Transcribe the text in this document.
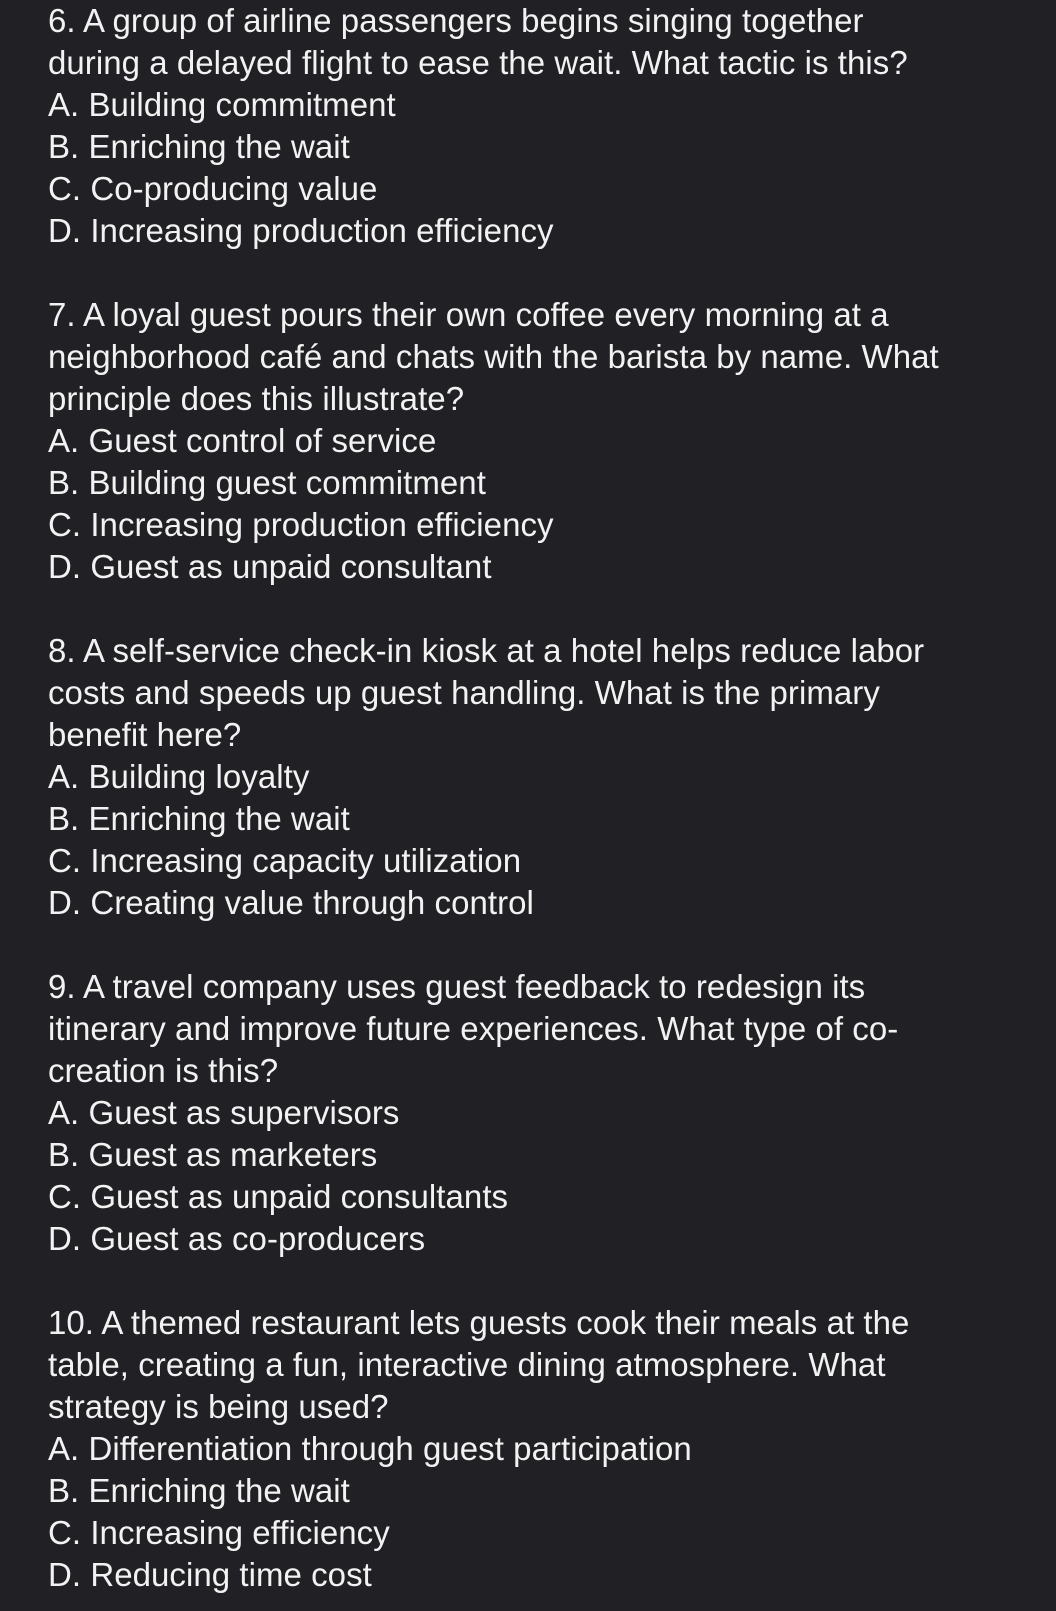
6. A group of airline passengers begins singing together
during a delayed flight to ease the wait. What tactic is this?
A. Building commitment
B. Enriching the wait
C. Co-producing value
D. Increasing production efficiency
7. A loyal guest pours their own coffee every morning at a
neighborhood café and chats with the barista by name. What
principle does this illustrate?
A. Guest control of service
B. Building guest commitment
C. Increasing production efficiency
D. Guest as unpaid consultant
8. A self-service check-in kiosk at a hotel helps reduce labor
costs and speeds up guest handling. What is the primary
benefit here?
A. Building loyalty
B. Enriching the wait
C. Increasing capacity utilization
D. Creating value through control
9. A travel company uses guest feedback to redesign its
itinerary and improve future experiences. What type of co-
creation is this?
A. Guest as supervisors
B. Guest as marketers
C. Guest as unpaid consultants
D. Guest as co-producers
10. A themed restaurant lets guests cook their meals at the
table, creating a fun, interactive dining atmosphere. What
strategy is being used?
A. Differentiation through guest participation
B. Enriching the wait
C. Increasing efficiency
D. Reducing time cost
